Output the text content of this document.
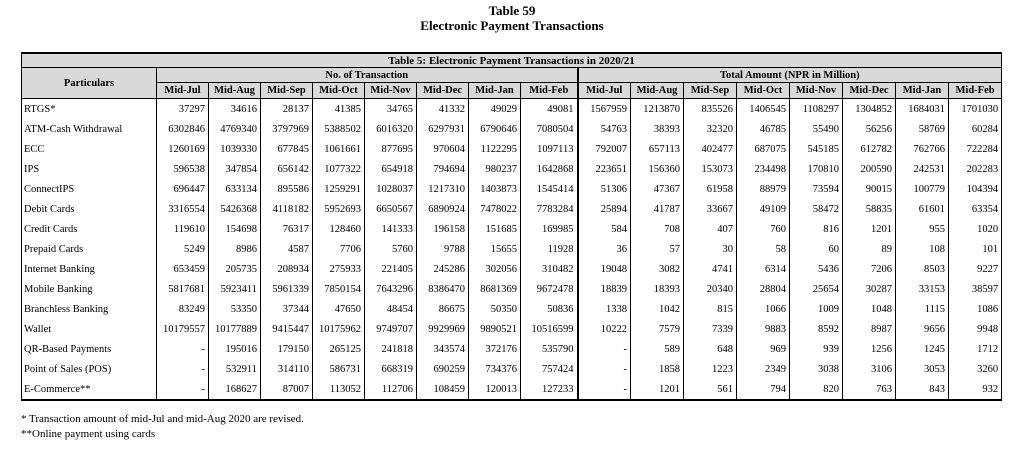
Table 59
Electronic Payment Transactions
Table 5: Electronic Payment Transactions in 2020/21																
Particulars	No. of Transaction								Total Amount (NPR in Million)							
	Mid-Jul	Mid-Aug	Mid-Sep	Mid-Oct	Mid-Nov	Mid-Dec	Mid-Jan	Mid-Feb	Mid-Jul	Mid-Aug	Mid-Sep	Mid-Oct	Mid-Nov	Mid-Dec	Mid-Jan	Mid-Feb
RTGS*	37297	34616	28137	41385	34765	41332	49029	49081	1567959	1213870	835526	1406545	1108297	1304852	1684031	1701030
ATM-Cash Withdrawal	6302846	4769340	3797969	5388502	6016320	6297931	6790646	7080504	54763	38393	32320	46785	55490	56256	58769	60284
ECC	1260169	1039330	677845	1061661	877695	970604	1122295	1097113	792007	657113	402477	687075	545185	612782	762766	722284
IPS	596538	347854	656142	1077322	654918	794694	980237	1642868	223651	156360	153073	234498	170810	200590	242531	202283
ConnectIPS	696447	633134	895586	1259291	1028037	1217310	1403873	1545414	51306	47367	61958	88979	73594	90015	100779	104394
Debit Cards	3316554	5426368	4118182	5952693	6650567	6890924	7478022	7783284	25894	41787	33667	49109	58472	58835	61601	63354
Credit Cards	119610	154698	76317	128460	141333	196158	151685	169985	584	708	407	760	816	1201	955	1020
Prepaid Cards	5249	8986	4587	7706	5760	9788	15655	11928	36	57	30	58	60	89	108	101
Internet Banking	653459	205735	208934	275933	221405	245286	302056	310482	19048	3082	4741	6314	5436	7206	8503	9227
Mobile Banking	5817681	5923411	5961339	7850154	7643296	8386470	8681369	9672478	18839	18393	20340	28804	25654	30287	33153	38597
Branchless Banking	83249	53350	37344	47650	48454	86675	50350	50836	1338	1042	815	1066	1009	1048	1115	1086
Wallet	10179557	10177889	9415447	10175962	9749707	9929969	9890521	10516599	10222	7579	7339	9883	8592	8987	9656	9948
QR-Based Payments	-	195016	179150	265125	241818	343574	372176	535790	-	589	648	969	939	1256	1245	1712
Point of Sales (POS)	-	532911	314110	586731	668319	690259	734376	757424	-	1858	1223	2349	3038	3106	3053	3260
E-Commerce**	-	168627	87007	113052	112706	108459	120013	127233	-	1201	561	794	820	763	843	932
* Transaction amount of mid-Jul and mid-Aug 2020 are revised.
**Online payment using cards
